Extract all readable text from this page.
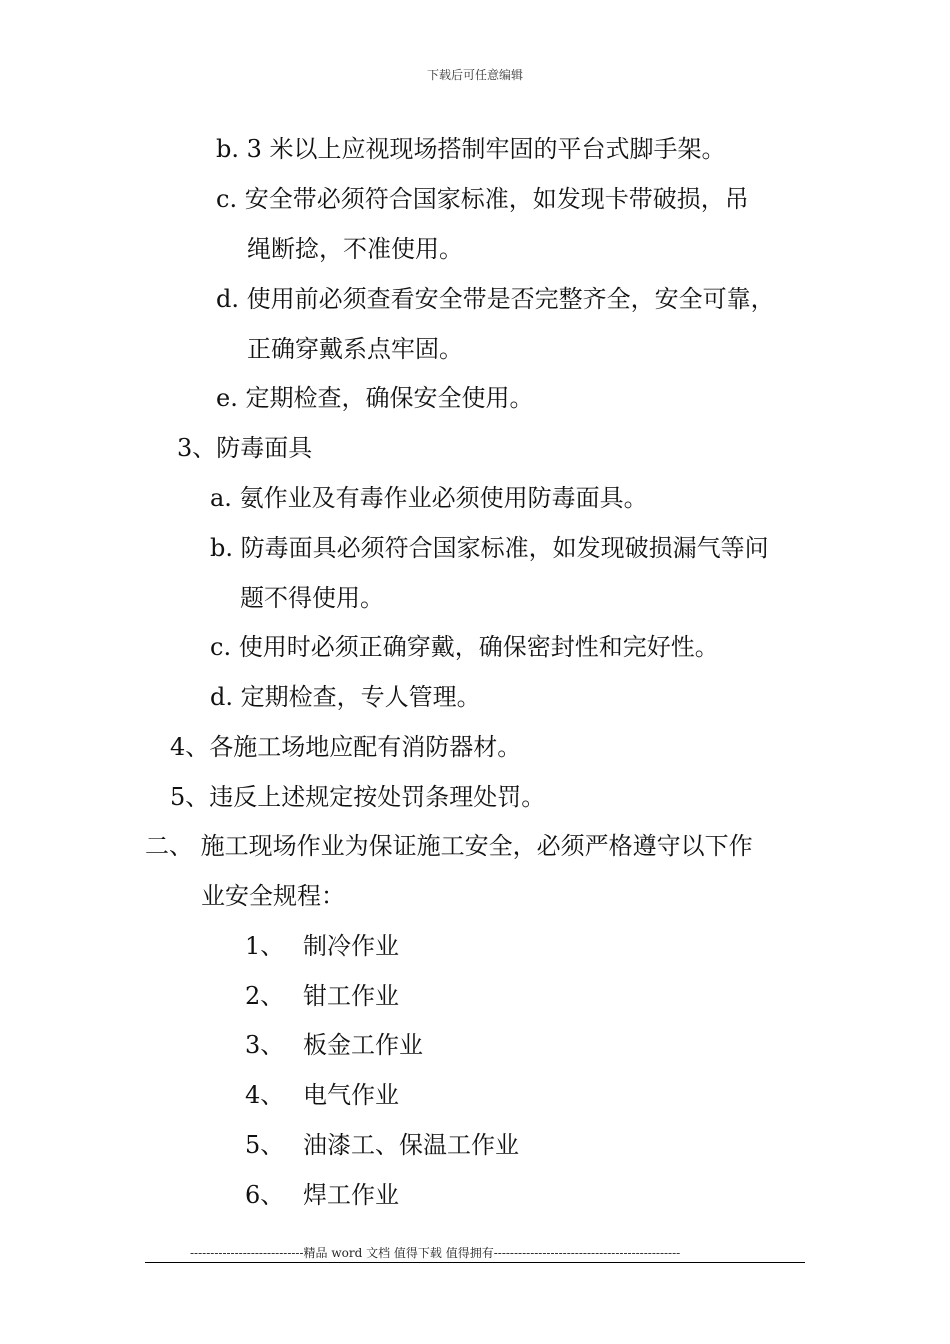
下载后可任意编辑
b. 3 米以上应视现场搭制牢固的平台式脚手架。
c. 安全带必须符合国家标准，如发现卡带破损，吊
绳断捻，不准使用。
d. 使用前必须查看安全带是否完整齐全，安全可靠，
正确穿戴系点牢固。
e. 定期检查，确保安全使用。
3、防毒面具
a. 氨作业及有毒作业必须使用防毒面具。
b. 防毒面具必须符合国家标准，如发现破损漏气等问
题不得使用。
c. 使用时必须正确穿戴，确保密封性和完好性。
d. 定期检查，专人管理。
4、各施工场地应配有消防器材。
5、违反上述规定按处罚条理处罚。
二、 施工现场作业为保证施工安全，必须严格遵守以下作
业安全规程：
1、 制冷作业
2、 钳工作业
3、 板金工作业
4、 电气作业
5、 油漆工、保温工作业
6、 焊工作业
----------------------------精品 word 文档 值得下载 值得拥有----------------------------------------------
